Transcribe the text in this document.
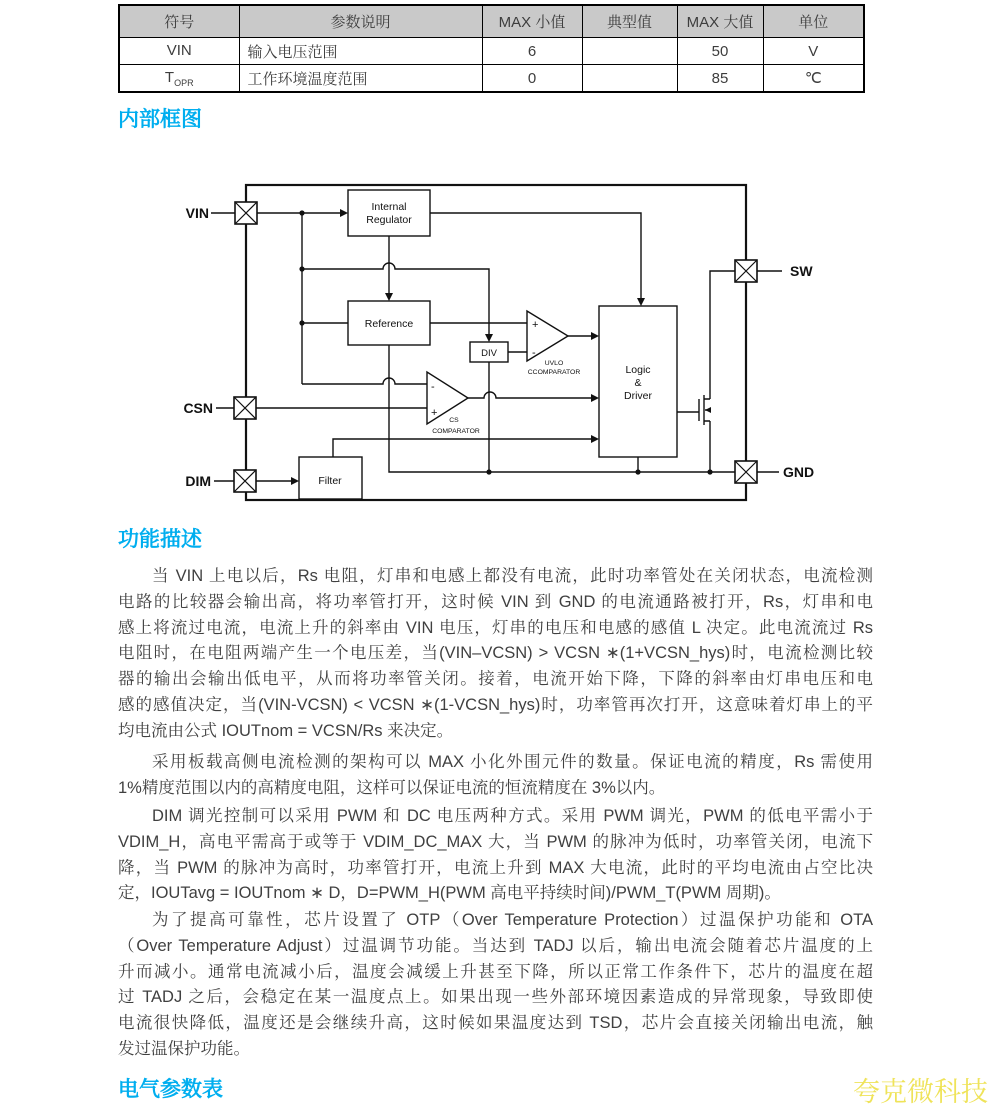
符号	参数说明	MAX 小值	典型值	MAX 大值	单位
VIN	输入电压范围	6		50	V
$T_{OPR}$	工作环境温度范围	0		85	℃
内部框图
功能描述
电气参数表
VIN
CSN
DIM
SW
GND
Internal
Regulator
Reference
DIV
Logic
&
Driver
Filter
+
-
-
+
UVLO
CCOMPARATOR
CS
COMPARATOR
当 VIN 上电以后，Rs 电阻，灯串和电感上都没有电流，此时功率管处在关闭状态，电流检测
电路的比较器会输出高，将功率管打开，这时候 VIN 到 GND 的电流通路被打开，Rs，灯串和电
感上将流过电流，电流上升的斜率由 VIN 电压，灯串的电压和电感的感值 L 决定。此电流流过 Rs
电阻时，在电阻两端产生一个电压差，当(VIN–VCSN) > VCSN ∗(1+VCSN_hys)时，电流检测比较
器的输出会输出低电平，从而将功率管关闭。接着，电流开始下降，下降的斜率由灯串电压和电
感的感值决定，当(VIN-VCSN) < VCSN ∗(1-VCSN_hys)时，功率管再次打开，这意味着灯串上的平
均电流由公式 IOUTnom = VCSN/Rs 来决定。
采用板载高侧电流检测的架构可以 MAX 小化外围元件的数量。保证电流的精度，Rs 需使用
1%精度范围以内的高精度电阻，这样可以保证电流的恒流精度在 3%以内。
DIM 调光控制可以采用 PWM 和 DC 电压两种方式。采用 PWM 调光，PWM 的低电平需小于
VDIM_H，高电平需高于或等于 VDIM_DC_MAX 大，当 PWM 的脉冲为低时，功率管关闭，电流下
降，当 PWM 的脉冲为高时，功率管打开，电流上升到 MAX 大电流，此时的平均电流由占空比决
定，IOUTavg = IOUTnom ∗ D，D=PWM_H(PWM 高电平持续时间)/PWM_T(PWM 周期)。
为了提高可靠性，芯片设置了 OTP（Over Temperature Protection）过温保护功能和 OTA
（Over Temperature Adjust）过温调节功能。当达到 TADJ 以后，输出电流会随着芯片温度的上
升而减小。通常电流减小后，温度会减缓上升甚至下降，所以正常工作条件下，芯片的温度在超
过 TADJ 之后，会稳定在某一温度点上。如果出现一些外部环境因素造成的异常现象，导致即使
电流很快降低，温度还是会继续升高，这时候如果温度达到 TSD，芯片会直接关闭输出电流，触
发过温保护功能。
夸克微科技
